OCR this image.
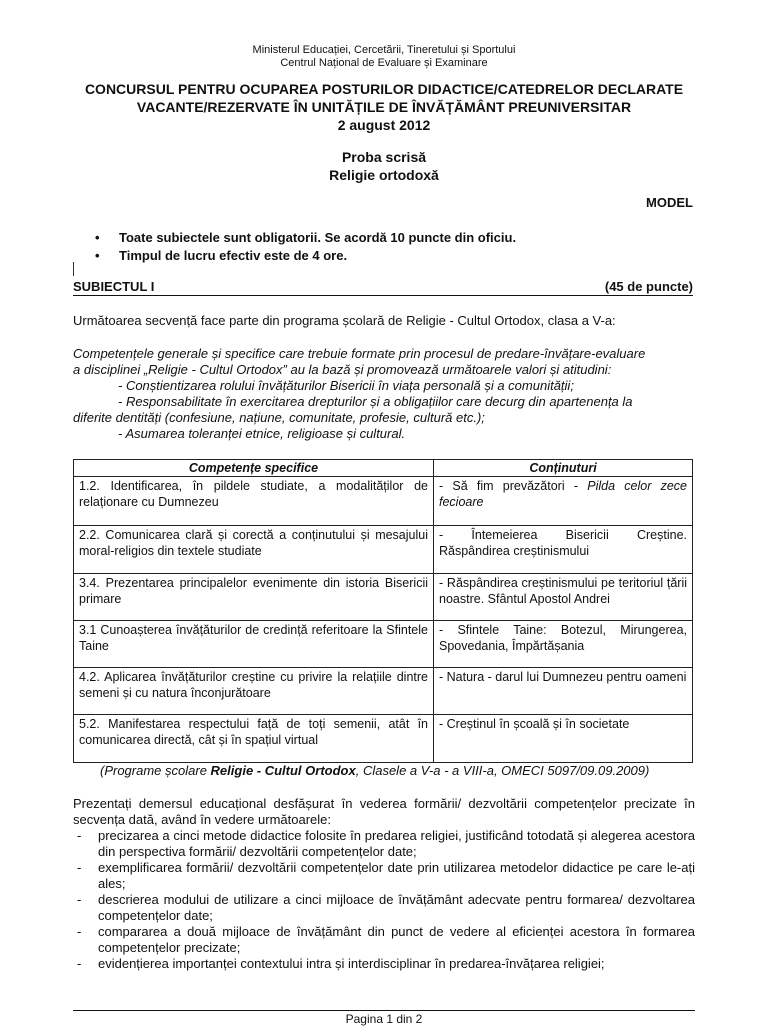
Ministerul Educației, Cercetării, Tineretului și Sportului
Centrul Național de Evaluare și Examinare
CONCURSUL PENTRU OCUPAREA POSTURILOR DIDACTICE/CATEDRELOR DECLARATE
VACANTE/REZERVATE ÎN UNITĂȚILE DE ÎNVĂȚĂMÂNT PREUNIVERSITAR
2 august 2012
Proba scrisă
Religie ortodoxă
MODEL
• Toate subiectele sunt obligatorii. Se acordă 10 puncte din oficiu.
• Timpul de lucru efectiv este de 4 ore.
SUBIECTUL I	(45 de puncte)
Următoarea secvență face parte din programa școlară de Religie - Cultul Ortodox, clasa a V-a:
Competențele generale și specifice care trebuie formate prin procesul de predare-învățare-evaluare
a disciplinei „Religie - Cultul Ortodox” au la bază și promovează următoarele valori și atitudini:
- Conștientizarea rolului învățăturilor Bisericii în viața personală și a comunității;
- Responsabilitate în exercitarea drepturilor și a obligațiilor care decurg din apartenența la
diferite dentități (confesiune, națiune, comunitate, profesie, cultură etc.);
- Asumarea toleranței etnice, religioase și cultural.
Competențe specifice	Conținuturi
1.2. Identificarea, în pildele studiate, a modalităților de relaționare cu Dumnezeu	- Să fim prevăzători - Pilda celor zece fecioare
2.2. Comunicarea clară și corectă a conținutului și mesajului moral-religios din textele studiate	- Întemeierea Bisericii Creștine. Răspândirea creștinismului
3.4. Prezentarea principalelor evenimente din istoria Bisericii primare	- Răspândirea creștinismului pe teritoriul țării noastre. Sfântul Apostol Andrei
3.1 Cunoașterea învățăturilor de credință referitoare la Sfintele Taine	- Sfintele Taine: Botezul, Mirungerea, Spovedania, Împărtășania
4.2. Aplicarea învățăturilor creștine cu privire la relațiile dintre semeni și cu natura înconjurătoare	- Natura - darul lui Dumnezeu pentru oameni
5.2. Manifestarea respectului față de toți semenii, atât în comunicarea directă, cât și în spațiul virtual	- Creștinul în școală și în societate
(Programe școlare Religie - Cultul Ortodox, Clasele a V-a - a VIII-a, OMECI 5097/09.09.2009)
Prezentați demersul educațional desfășurat în vederea formării/ dezvoltării competențelor precizate în secvența dată, având în vedere următoarele:
- precizarea a cinci metode didactice folosite în predarea religiei, justificând totodată și alegerea acestora din perspectiva formării/ dezvoltării competențelor date;
- exemplificarea formării/ dezvoltării competențelor date prin utilizarea metodelor didactice pe care le-ați ales;
- descrierea modului de utilizare a cinci mijloace de învățământ adecvate pentru formarea/ dezvoltarea competențelor date;
- compararea a două mijloace de învățământ din punct de vedere al eficienței acestora în formarea competențelor precizate;
- evidențierea importanței contextului intra și interdisciplinar în predarea-învățarea religiei;
Pagina 1 din 2
